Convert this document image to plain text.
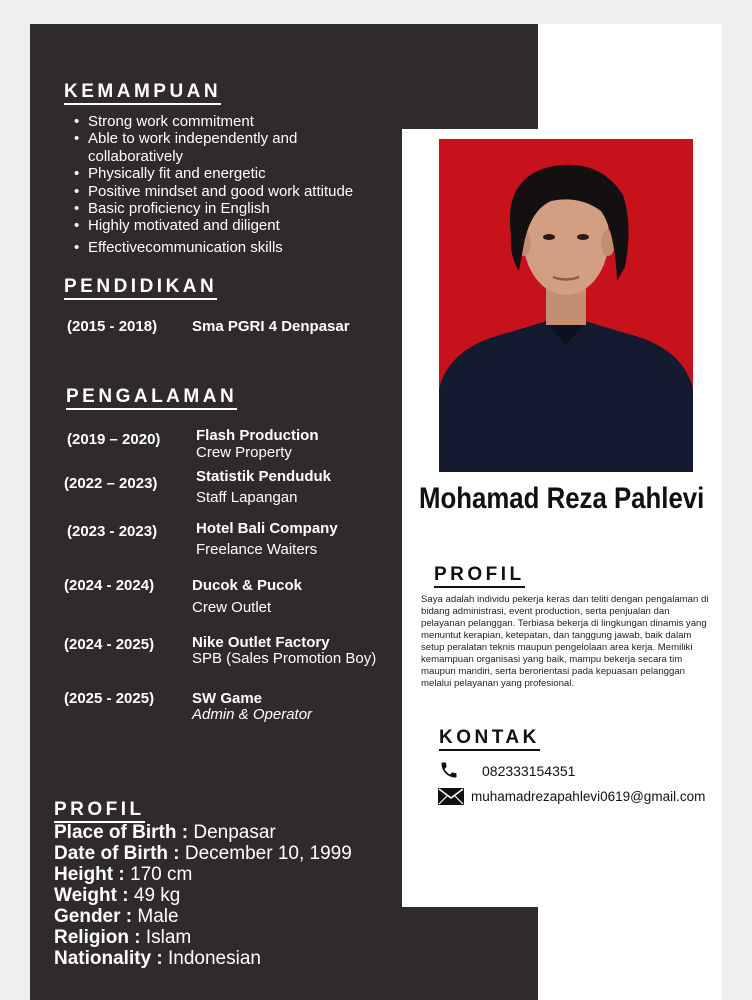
KEMAMPUAN
• Strong work commitment
• Able to work independently and collaboratively
• Physically fit and energetic
• Positive mindset and good work attitude
• Basic proficiency in English
• Highly motivated and diligent
• Effectivecommunication skills
PENDIDIKAN
(2015 - 2018) Sma PGRI 4 Denpasar
PENGALAMAN
(2019 – 2020) Flash Production
Crew Property
(2022 – 2023)	Statistik Penduduk
Staff Lapangan
(2023 - 2023)	Hotel Bali Company
Freelance Waiters
(2024 - 2024)	Ducok & Pucok
Crew Outlet
(2024 - 2025)	Nike Outlet Factory
SPB (Sales Promotion Boy)
(2025 - 2025)	SW Game
Admin & Operator
PROFIL
Place of Birth : Denpasar
Date of Birth : December 10, 1999
Height : 170 cm
Weight : 49 kg
Gender : Male
Religion : Islam
Nationality : Indonesian
Mohamad Reza Pahlevi
PROFIL
Saya adalah individu pekerja keras dan teliti dengan pengalaman di bidang administrasi, event production, serta penjualan dan pelayanan pelanggan. Terbiasa bekerja di lingkungan dinamis yang menuntut kerapian, ketepatan, dan tanggung jawab, baik dalam setup peralatan teknis maupun pengelolaan area kerja. Memiliki kemampuan organisasi yang baik, mampu bekerja secara tim maupun mandiri, serta berorientasi pada kepuasan pelanggan melalui pelayanan yang profesional.
KONTAK
082333154351
muhamadrezapahlevi0619@gmail.com
